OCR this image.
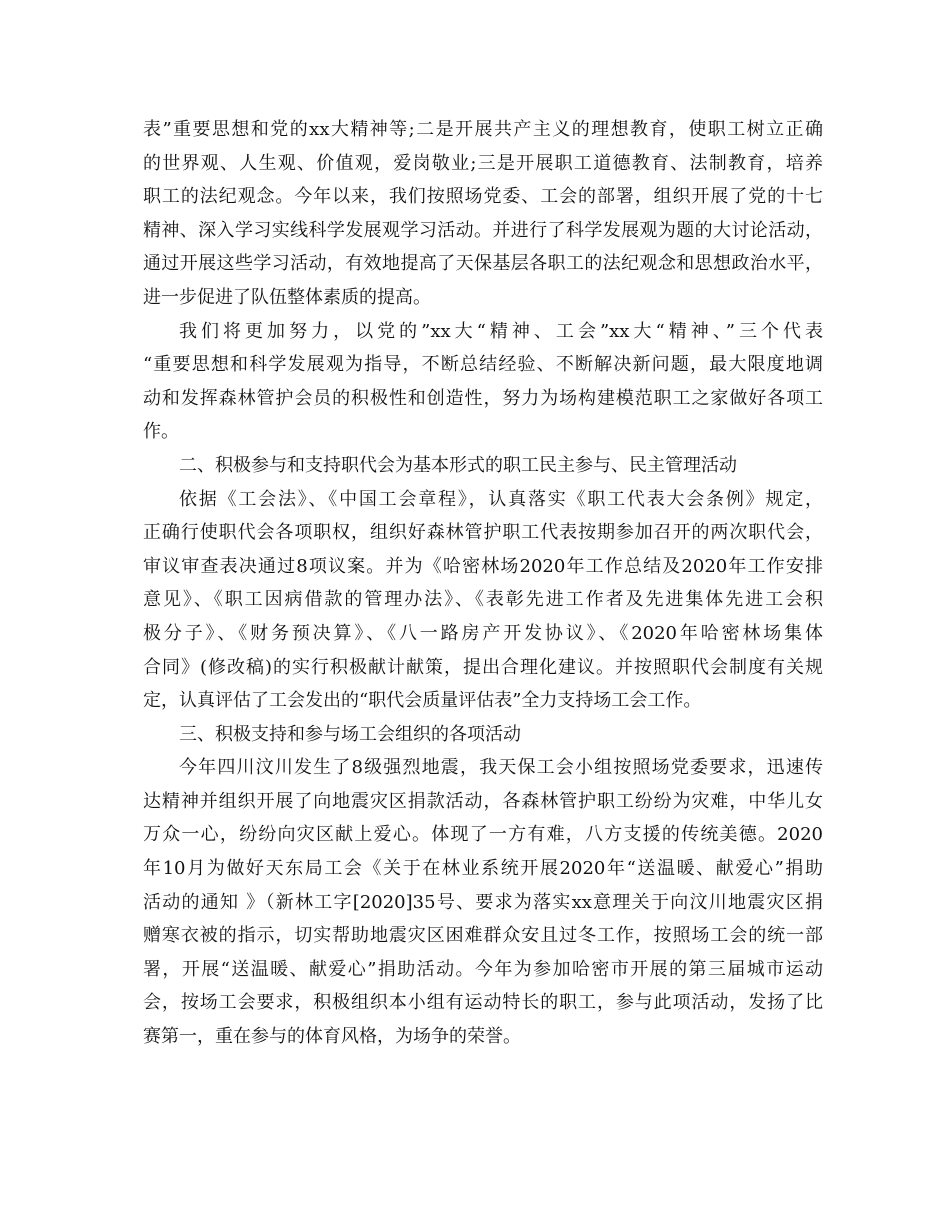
表”重要思想和党的xx大精神等;二是开展共产主义的理想教育，使职工树立正确
的世界观、人生观、价值观，爱岗敬业;三是开展职工道德教育、法制教育，培养
职工的法纪观念。今年以来，我们按照场党委、工会的部署，组织开展了党的十七
精神、深入学习实线科学发展观学习活动。并进行了科学发展观为题的大讨论活动，
通过开展这些学习活动，有效地提高了天保基层各职工的法纪观念和思想政治水平，
进一步促进了队伍整体素质的提高。
我们将更加努力，以党的”xx大“精神、工会”xx大“精神、”三个代表
“重要思想和科学发展观为指导，不断总结经验、不断解决新问题，最大限度地调
动和发挥森林管护会员的积极性和创造性，努力为场构建模范职工之家做好各项工
作。
二、积极参与和支持职代会为基本形式的职工民主参与、民主管理活动
依据《工会法》、《中国工会章程》，认真落实《职工代表大会条例》规定，
正确行使职代会各项职权，组织好森林管护职工代表按期参加召开的两次职代会，
审议审查表决通过8项议案。并为《哈密林场2020年工作总结及2020年工作安排
意见》、《职工因病借款的管理办法》、《表彰先进工作者及先进集体先进工会积
极分子》、《财务预决算》、《八一路房产开发协议》、《2020年哈密林场集体
合同》(修改稿)的实行积极献计献策，提出合理化建议。并按照职代会制度有关规
定，认真评估了工会发出的“职代会质量评估表”全力支持场工会工作。
三、积极支持和参与场工会组织的各项活动
今年四川汶川发生了8级强烈地震，我天保工会小组按照场党委要求，迅速传
达精神并组织开展了向地震灾区捐款活动，各森林管护职工纷纷为灾难，中华儿女
万众一心，纷纷向灾区献上爱心。体现了一方有难，八方支援的传统美德。2020
年10月为做好天东局工会《关于在林业系统开展2020年“送温暖、献爱心”捐助
活动的通知 》（新林工字[2020]35号、要求为落实xx意理关于向汶川地震灾区捐
赠寒衣被的指示，切实帮助地震灾区困难群众安且过冬工作，按照场工会的统一部
署，开展“送温暖、献爱心”捐助活动。今年为参加哈密市开展的第三届城市运动
会，按场工会要求，积极组织本小组有运动特长的职工，参与此项活动，发扬了比
赛第一，重在参与的体育风格，为场争的荣誉。
